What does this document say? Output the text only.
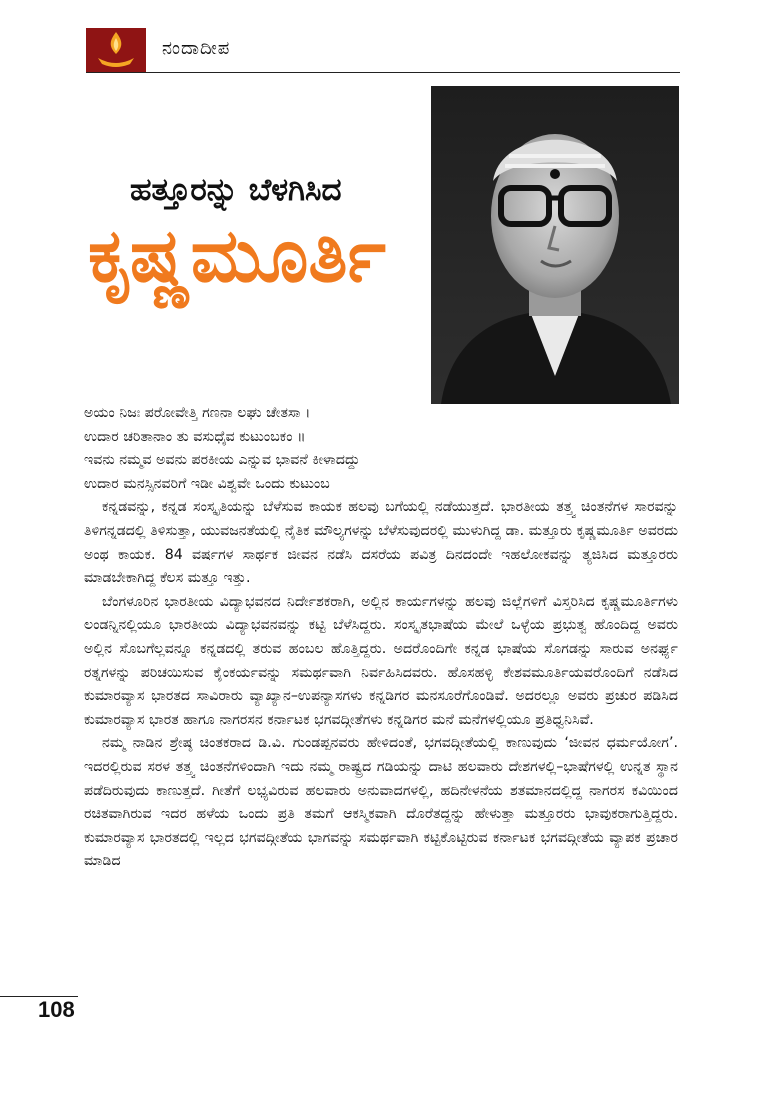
ನಂದಾದೀಪ
ಹತ್ತೂರನ್ನು ಬೆಳಗಿಸಿದ
ಕೃಷ್ಣಮೂರ್ತಿ
ಅಯಂ ನಿಜಃ ಪರೋವೇತ್ತಿ ಗಣನಾ ಲಘು ಚೇತಸಾ ।
ಉದಾರ ಚರಿತಾನಾಂ ತು ವಸುಧೈವ ಕುಟುಂಬಕಂ ॥
ಇವನು ನಮ್ಮವ ಅವನು ಪರಕೀಯ ಎನ್ನುವ ಭಾವನೆ ಕೀಳಾದದ್ದು
ಉದಾರ ಮನಸ್ಸಿನವರಿಗೆ ಇಡೀ ವಿಶ್ವವೇ ಒಂದು ಕುಟುಂಬ

ಕನ್ನಡವನ್ನು, ಕನ್ನಡ ಸಂಸ್ಕೃತಿಯನ್ನು ಬೆಳೆಸುವ ಕಾಯಕ ಹಲವು ಬಗೆಯಲ್ಲಿ ನಡೆಯುತ್ತದೆ. ಭಾರತೀಯ ತತ್ತ್ವ ಚಿಂತನೆಗಳ ಸಾರವನ್ನು ತಿಳಿಗನ್ನಡದಲ್ಲಿ ತಿಳಿಸುತ್ತಾ, ಯುವಜನತೆಯಲ್ಲಿ ನೈತಿಕ ಮೌಲ್ಯಗಳನ್ನು ಬೆಳೆಸುವುದರಲ್ಲಿ ಮುಳುಗಿದ್ದ ಡಾ. ಮತ್ತೂರು ಕೃಷ್ಣಮೂರ್ತಿ ಅವರದು ಅಂಥ ಕಾಯಕ. 84 ವರ್ಷಗಳ ಸಾರ್ಥಕ ಜೀವನ ನಡೆಸಿ ದಸರೆಯ ಪವಿತ್ರ ದಿನದಂದೇ ಇಹಲೋಕವನ್ನು ತ್ಯಜಿಸಿದ ಮತ್ತೂರರು ಮಾಡಬೇಕಾಗಿದ್ದ ಕೆಲಸ ಮತ್ತೂ ಇತ್ತು.

ಬೆಂಗಳೂರಿನ ಭಾರತೀಯ ವಿದ್ಯಾಭವನದ ನಿರ್ದೇಶಕರಾಗಿ, ಅಲ್ಲಿನ ಕಾರ್ಯಗಳನ್ನು ಹಲವು ಜಿಲ್ಲೆಗಳಿಗೆ ವಿಸ್ತರಿಸಿದ ಕೃಷ್ಣಮೂರ್ತಿಗಳು ಲಂಡನ್ನಿನಲ್ಲಿಯೂ ಭಾರತೀಯ ವಿದ್ಯಾಭವನವನ್ನು ಕಟ್ಟಿ ಬೆಳೆಸಿದ್ದರು. ಸಂಸ್ಕೃತಭಾಷೆಯ ಮೇಲೆ ಒಳ್ಳೆಯ ಪ್ರಭುತ್ವ ಹೊಂದಿದ್ದ ಅವರು ಅಲ್ಲಿನ ಸೊಬಗೆಲ್ಲವನ್ನೂ ಕನ್ನಡದಲ್ಲಿ ತರುವ ಹಂಬಲ ಹೊತ್ತಿದ್ದರು. ಅದರೊಂದಿಗೇ ಕನ್ನಡ ಭಾಷೆಯ ಸೊಗಡನ್ನು ಸಾರುವ ಅನರ್ಘ್ಯ ರತ್ನಗಳನ್ನು ಪರಿಚಯಿಸುವ ಕೈಂಕರ್ಯವನ್ನು ಸಮರ್ಥವಾಗಿ ನಿರ್ವಹಿಸಿದವರು. ಹೊಸಹಳ್ಳಿ ಕೇಶವಮೂರ್ತಿಯವರೊಂದಿಗೆ ನಡೆಸಿದ ಕುಮಾರವ್ಯಾಸ ಭಾರತದ ಸಾವಿರಾರು ವ್ಯಾಖ್ಯಾನ–ಉಪನ್ಯಾಸಗಳು ಕನ್ನಡಿಗರ ಮನಸೂರೆಗೊಂಡಿವೆ. ಅದರಲ್ಲೂ ಅವರು ಪ್ರಚುರ ಪಡಿಸಿದ ಕುಮಾರವ್ಯಾಸ ಭಾರತ ಹಾಗೂ ನಾಗರಸನ ಕರ್ನಾಟಕ ಭಗವದ್ಗೀತೆಗಳು ಕನ್ನಡಿಗರ ಮನೆ ಮನೆಗಳಲ್ಲಿಯೂ ಪ್ರತಿಧ್ವನಿಸಿವೆ.

ನಮ್ಮ ನಾಡಿನ ಶ್ರೇಷ್ಠ ಚಿಂತಕರಾದ ಡಿ.ವಿ. ಗುಂಡಪ್ಪನವರು ಹೇಳಿದಂತೆ, ಭಗವದ್ಗೀತೆಯಲ್ಲಿ ಕಾಣುವುದು ‘ಜೀವನ ಧರ್ಮಯೋಗ’. ಇದರಲ್ಲಿರುವ ಸರಳ ತತ್ತ್ವ ಚಿಂತನೆಗಳಿಂದಾಗಿ ಇದು ನಮ್ಮ ರಾಷ್ಟ್ರದ ಗಡಿಯನ್ನು ದಾಟಿ ಹಲವಾರು ದೇಶಗಳಲ್ಲಿ–ಭಾಷೆಗಳಲ್ಲಿ ಉನ್ನತ ಸ್ಥಾನ ಪಡೆದಿರುವುದು ಕಾಣುತ್ತದೆ. ಗೀತೆಗೆ ಲಭ್ಯವಿರುವ ಹಲವಾರು ಅನುವಾದಗಳಲ್ಲಿ, ಹದಿನೇಳನೆಯ ಶತಮಾನದಲ್ಲಿದ್ದ ನಾಗರಸ ಕವಿಯಿಂದ ರಚಿತವಾಗಿರುವ ಇದರ ಹಳೆಯ ಒಂದು ಪ್ರತಿ ತಮಗೆ ಆಕಸ್ಮಿಕವಾಗಿ ದೊರೆತದ್ದನ್ನು ಹೇಳುತ್ತಾ ಮತ್ತೂರರು ಭಾವುಕರಾಗುತ್ತಿದ್ದರು. ಕುಮಾರವ್ಯಾಸ ಭಾರತದಲ್ಲಿ ಇಲ್ಲದ ಭಗವದ್ಗೀತೆಯ ಭಾಗವನ್ನು ಸಮರ್ಥವಾಗಿ ಕಟ್ಟಿಕೊಟ್ಟಿರುವ ಕರ್ನಾಟಕ ಭಗವದ್ಗೀತೆಯ ವ್ಯಾಪಕ ಪ್ರಚಾರ ಮಾಡಿದ

108
